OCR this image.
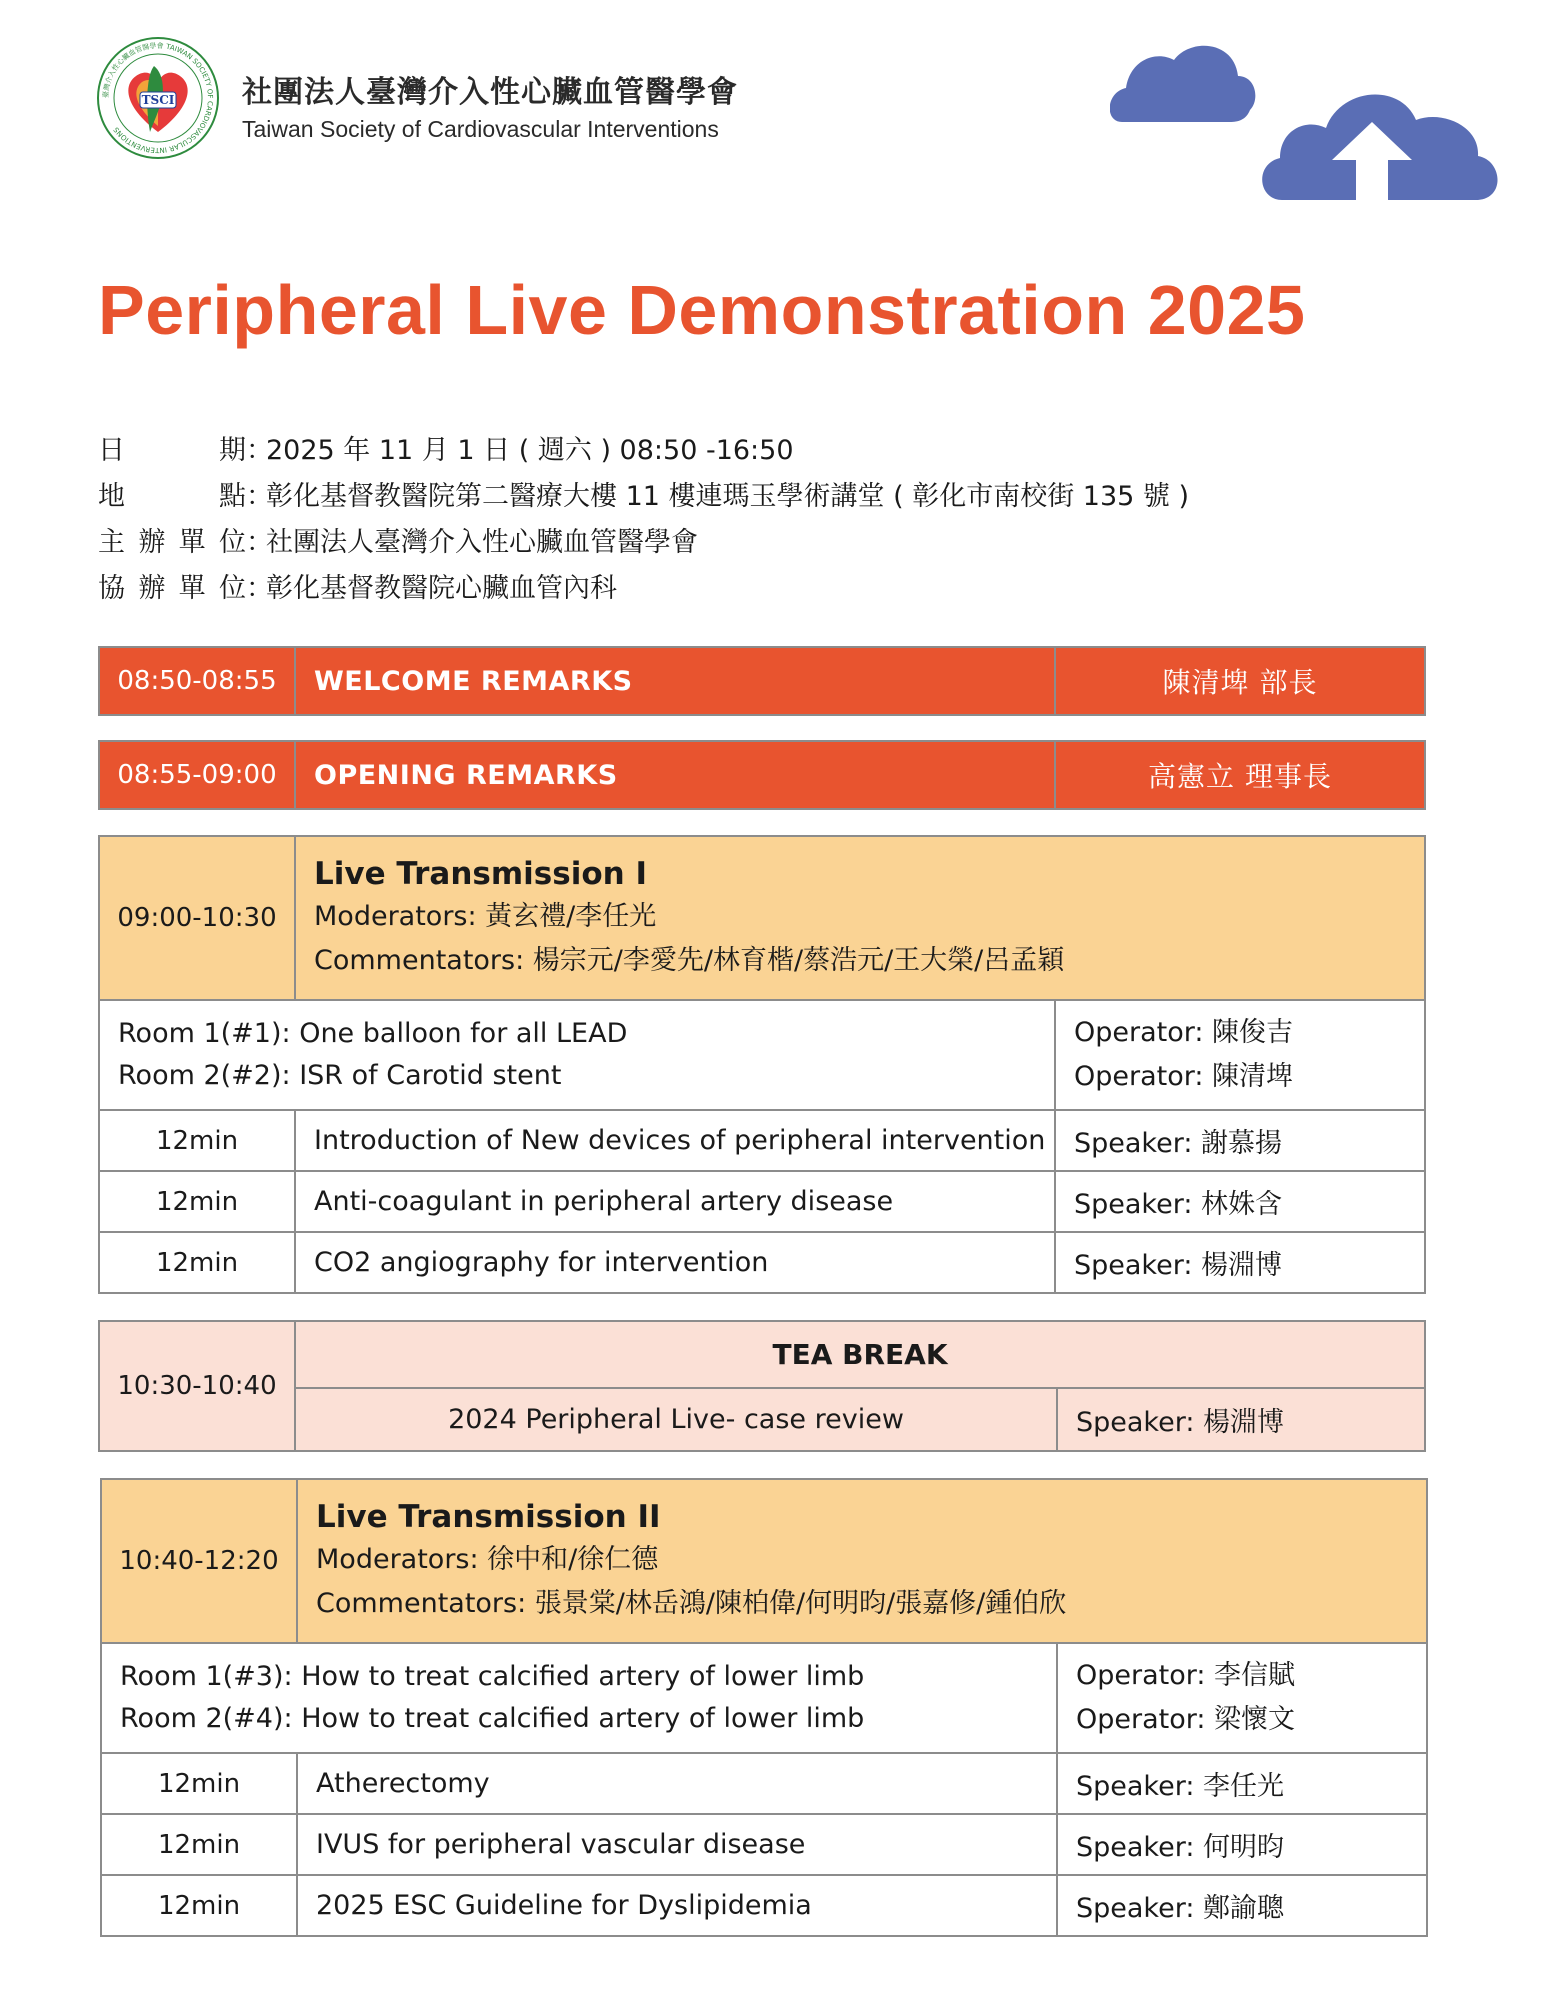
TSCI
臺灣介入性心臟血管醫學會 TAIWAN SOCIETY OF CARDIOVASCULAR INTERVENTIONS
社團法人臺灣介入性心臟血管醫學會
Taiwan Society of Cardiovascular Interventions
Peripheral Live Demonstration 2025
日期 ：
2025 年 11 月 1 日 ( 週六 ) 08:50 -16:50
地點 ：
彰化基督教醫院第二醫療大樓 11 樓連瑪玉學術講堂 ( 彰化市南校街 135 號 )
主辦單位 ：
社團法人臺灣介入性心臟血管醫學會
協辦單位 ：
彰化基督教醫院心臟血管內科
08:50-08:55	WELCOME REMARKS	陳清埤 部長
08:55-09:00	OPENING REMARKS	高憲立 理事長
09:00-10:30
Live Transmission I
Moderators: 黃玄禮/李任光
Commentators: 楊宗元/李愛先/林育楷/蔡浩元/王大榮/呂孟穎
Room 1(#1): One balloon for all LEAD
Room 2(#2): ISR of Carotid stent
Operator: 陳俊吉
Operator: 陳清埤
12min	Introduction of New devices of peripheral intervention	Speaker: 謝慕揚
12min	Anti-coagulant in peripheral artery disease	Speaker: 林姝含
12min	CO2 angiography for intervention	Speaker: 楊淵博
10:30-10:40
TEA BREAK
2024 Peripheral Live- case review	Speaker: 楊淵博
10:40-12:20
Live Transmission II
Moderators: 徐中和/徐仁德
Commentators: 張景棠/林岳鴻/陳柏偉/何明昀/張嘉修/鍾伯欣
Room 1(#3): How to treat calcified artery of lower limb
Room 2(#4): How to treat calcified artery of lower limb
Operator: 李信賦
Operator: 梁懷文
12min	Atherectomy	Speaker: 李任光
12min	IVUS for peripheral vascular disease	Speaker: 何明昀
12min	2025 ESC Guideline for Dyslipidemia	Speaker: 鄭諭聰
